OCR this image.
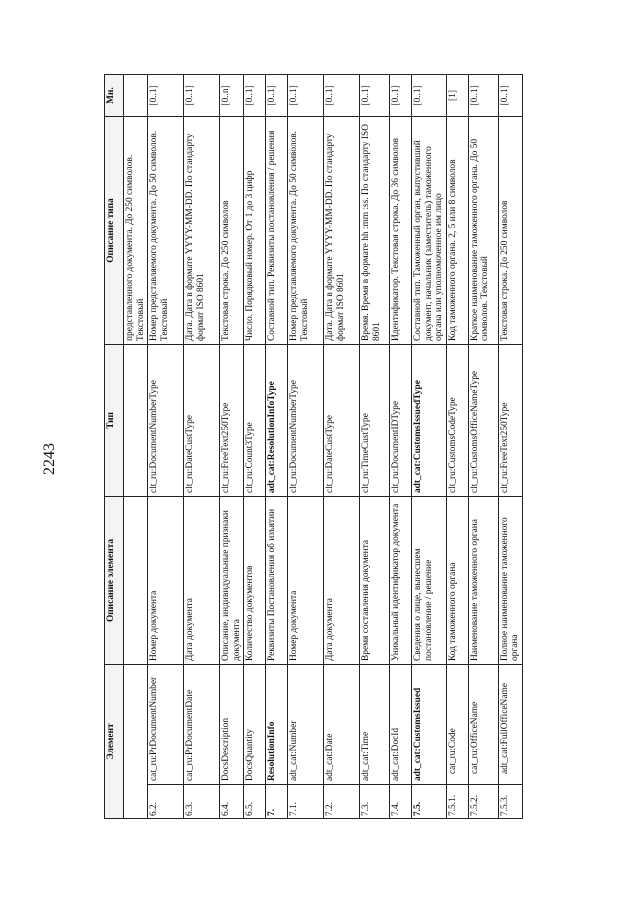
2243
Элемент		Описание элемента	Тип	Описание типа	Мн.
				представленного документа. До 250 символов. Текстовый	
6.2.	cat_ru:PrDocumentNumber	Номер документа	clt_ru:DocumentNumberType	Номер представляемого документа. До 50 символов. Текстовый	[0..1]
6.3.	cat_ru:PrDocumentDate	Дата документа	clt_ru:DateCustType	Дата. Дата в формате YYYY-MM-DD. По стандарту формат ISO 8601	[0..1]
6.4.	DocsDescription	Описание, индивидуальные признаки документа	clt_ru:FreeText250Type	Текстовая строка. До 250 символов	[0..n]
6.5.	DocsQuantity	Количество документов	clt_ru:Count3Type	Число. Порядковый номер. От 1 до 3 цифр	[0..1]
7.	ResolutionInfo	Реквизиты Постановления об изъятии	adt_cat:ResolutionInfoType	Составной тип. Реквизиты постановления / решения	[0..1]
7.1.	adt_cat:Number	Номер документа	clt_ru:DocumentNumberType	Номер представляемого документа. До 50 символов. Текстовый	[0..1]
7.2.	adt_cat:Date	Дата документа	clt_ru:DateCustType	Дата. Дата в формате YYYY-MM-DD. По стандарту формат ISO 8601	[0..1]
7.3.	adt_cat:Time	Время составления документа	clt_ru:TimeCustType	Время. Время в формате hh :mm :ss. По стандарту ISO 8601	[0..1]
7.4.	adt_cat:DocId	Уникальный идентификатор документа	clt_ru:DocumentIDType	Идентификатор. Текстовая строка. До 36 символов	[0..1]
7.5.	adt_cat:CustomsIssued	Сведения о лице, вынесшем постановление / решение	adt_cat:CustomsIssuedType	Составной тип. Таможенный орган, выпустивший документ, начальник (заместитель) таможенного органа или уполномоченное им лицо	[0..1]
7.5.1.	cat_ru:Code	Код таможенного органа	clt_ru:CustomsCodeType	Код таможенного органа. 2, 5 или 8 символов	[1]
7.5.2.	cat_ru:OfficeName	Наименование таможенного органа	clt_ru:CustomsOfficeNameType	Краткое наименование таможенного органа. До 50 символов. Текстовый	[0..1]
7.5.3.	adt_cat:FullOfficeName	Полное наименование таможенного органа	clt_ru:FreeText250Type	Текстовая строка. До 250 символов	[0..1]
